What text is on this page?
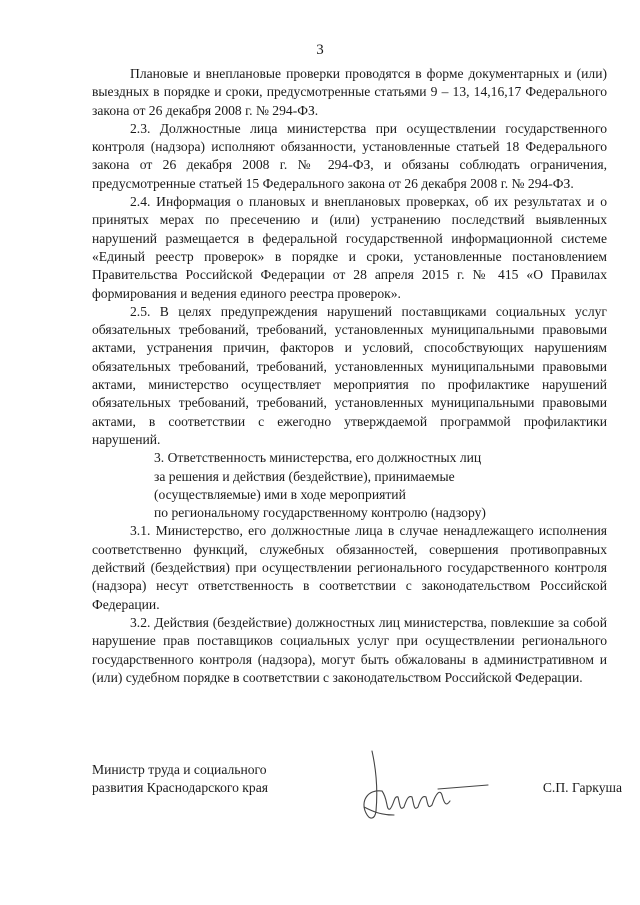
3

Плановые и внеплановые проверки проводятся в форме документарных и (или) выездных в порядке и сроки, предусмотренные статьями 9 – 13, 14,16,17 Федерального закона от 26 декабря 2008 г. № 294-ФЗ.

2.3. Должностные лица министерства при осуществлении государственного контроля (надзора) исполняют обязанности, установленные статьей 18 Федерального закона от 26 декабря 2008 г. № 294-ФЗ, и обязаны соблюдать ограничения, предусмотренные статьей 15 Федерального закона от 26 декабря 2008 г. № 294-ФЗ.

2.4. Информация о плановых и внеплановых проверках, об их результатах и о принятых мерах по пресечению и (или) устранению последствий выявленных нарушений размещается в федеральной государственной информационной системе «Единый реестр проверок» в порядке и сроки, установленные постановлением Правительства Российской Федерации от 28 апреля 2015 г. № 415 «О Правилах формирования и ведения единого реестра проверок».

2.5. В целях предупреждения нарушений поставщиками социальных услуг обязательных требований, требований, установленных муниципальными правовыми актами, устранения причин, факторов и условий, способствующих нарушениям обязательных требований, требований, установленных муниципальными правовыми актами, министерство осуществляет мероприятия по профилактике нарушений обязательных требований, требований, установленных муниципальными правовыми актами, в соответствии с ежегодно утверждаемой программой профилактики нарушений.

3. Ответственность министерства, его должностных лиц
за решения и действия (бездействие), принимаемые
(осуществляемые) ими в ходе мероприятий
по региональному государственному контролю (надзору)

3.1. Министерство, его должностные лица в случае ненадлежащего исполнения соответственно функций, служебных обязанностей, совершения противоправных действий (бездействия) при осуществлении регионального государственного контроля (надзора) несут ответственность в соответствии с законодательством Российской Федерации.

3.2. Действия (бездействие) должностных лиц министерства, повлекшие за собой нарушение прав поставщиков социальных услуг при осуществлении регионального государственного контроля (надзора), могут быть обжалованы в административном и (или) судебном порядке в соответствии с законодательством Российской Федерации.

Министр труда и социального
развития Краснодарского края	С.П. Гаркуша
